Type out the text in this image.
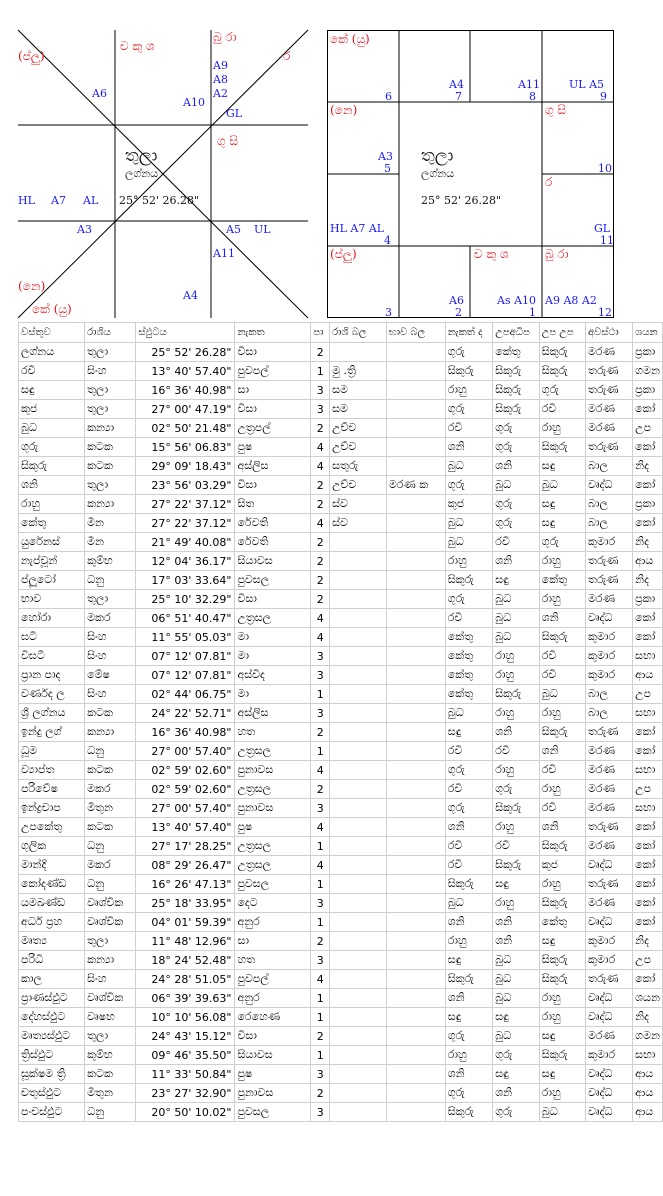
(ප්ලු)
ච කු ශ
බු රා
ර
A6
A10
A9
A8
A2
GL
ගු සි
HL A7 AL
A3	A5 UL
A11
(නෙ)
කේ (යු)
A4
තුලා
ලග්නය
25° 52' 26.28"
කේ (යු)
6
A4
7
A11
8
UL A5
9
(නෙ)
A3
5
ගු සි
10
ර
HL A7 AL
4
GL
11
(ප්ලු)
3
A6
2
ච කු ශ
As A10
1
බු රා
A9 A8 A2
12
තුලා
ලග්නය
25° 52' 26.28"
වස්තුව	රාශිය	ස්ඵුටය	නැකත	පා	රාශි බල	භාව බල	නැකත් ද	උපඅධිප	උප උප	අවස්ථා	ශයන
ලග්නය	තුලා	25° 52' 26.28"	විසා	2			ගුරු	කේතු	සිකුරු	මරණ	ප්‍රකා
රවි	සිංහ	13° 40' 57.40"	පුවපල්	1	මු .ත්‍රි		සිකුරු	සිකුරු	සිකුරු	තරුණ	ගමන
සඳු	තුලා	16° 36' 40.98"	සා	3	සම		රාහු	සිකුරු	ගුරු	තරුණ	ප්‍රකා
කුජ	තුලා	27° 00' 47.19"	විසා	3	සම		ගුරු	සිකුරු	රවි	මරණ	කෝ
බුධ	කන්‍යා	02° 50' 21.48"	උත්‍රපල්	2	උච්ච		රවි	ගුරු	රාහු	මරණ	උප
ගුරු	කටක	15° 56' 06.83"	පුෂ	4	උච්ච		ශනි	ගුරු	සිකුරු	තරුණ	කෝ
සිකුරු	කටක	29° 09' 18.43"	අස්ලිස	4	සතුරු		බුධ	ශනි	සඳු	බාල	නිද
ශනි	තුලා	23° 56' 03.29"	විසා	2	උච්ච	මරණ ක	ගුරු	බුධ	බුධ	වෘද්ධ	කෝ
රාහු	කන්‍යා	27° 22' 37.12"	සිත	2	ස්ව		කුජ	ගුරු	සඳු	බාල	ප්‍රකා
කේතු	මීන	27° 22' 37.12"	රේවති	4	ස්ව		බුධ	ගුරු	සඳු	බාල	කෝ
යුරේනස්	මීන	21° 49' 40.08"	රේවති	2			බුධ	රවි	ගුරු	කුමාර	නිද
නැප්චූන්	කුම්භ	12° 04' 36.17"	සියාවස	2			රාහු	ශනි	රාහු	තරුණ	ආය
ප්ලූටෝ	ධනු	17° 03' 33.64"	පුවසල	2			සිකුරු	සඳු	කේතු	තරුණ	නිද
භාව	තුලා	25° 10' 32.29"	විසා	2			ගුරු	බුධ	රාහු	මරණ	ප්‍රකා
හෝරා	මකර	06° 51' 40.47"	උත්‍රසල	4			රවි	බුධ	ශනි	වෘද්ධ	කෝ
ඝටි	සිංහ	11° 55' 05.03"	මා	4			කේතු	බුධ	සිකුරු	කුමාර	කෝ
විඝටි	සිංහ	07° 12' 07.81"	මා	3			කේතු	රාහු	රවි	කුමාර	සභා
ප්‍රාන පාද	මේෂ	07° 12' 07.81"	අස්විද	3			කේතු	රාහු	රවි	කුමාර	ආය
වර්ණද ල	සිංහ	02° 44' 06.75"	මා	1			කේතු	සිකුරු	බුධ	බාල	උප
ශ්‍රී ලග්නය	කටක	24° 22' 52.71"	අස්ලිස	3			බුධ	රාහු	රාහු	බාල	සභා
ඉන්දු ලග්	කන්‍යා	16° 36' 40.98"	හත	2			සඳු	ශනි	සිකුරු	තරුණ	කෝ
ධූම	ධනු	27° 00' 57.40"	උත්‍රසල	1			රවි	රවි	ශනි	මරණ	කෝ
ව්‍යාප්ත	කටක	02° 59' 02.60"	පුනාවස	4			ගුරු	රාහු	රවි	මරණ	සභා
පරිවේෂ	මකර	02° 59' 02.60"	උත්‍රසල	2			රවි	ගුරු	රාහු	මරණ	උප
ඉන්ද්‍රචාප	මිතුන	27° 00' 57.40"	පුනාවස	3			ගුරු	සිකුරු	රවි	මරණ	සභා
උපකේතු	කටක	13° 40' 57.40"	පුෂ	4			ශනි	රාහු	ශනි	තරුණ	කෝ
ගුලික	ධනු	27° 17' 28.25"	උත්‍රසල	1			රවි	රවි	සිකුරු	මරණ	කෝ
මාන්දි	මකර	08° 29' 26.47"	උත්‍රසල	4			රවි	සිකුරු	කුජ	වෘද්ධ	කෝ
කෝදණ්ඩ	ධනු	16° 26' 47.13"	පුවසල	1			සිකුරු	සඳු	රාහු	තරුණ	කෝ
යමඛණ්ඩ	වෘශ්චික	25° 18' 33.95"	දෙට	3			බුධ	රාහු	සිකුරු	මරණ	කෝ
අර්ධ ප්‍රහ	වෘශ්චික	04° 01' 59.39"	අනුර	1			ශනි	ශනි	කේතු	වෘද්ධ	කෝ
මෘත්‍ය	තුලා	11° 48' 12.96"	සා	2			රාහු	ශනි	සඳු	කුමාර	නිද
පරිධි	කන්‍යා	18° 24' 52.48"	හත	3			සඳු	බුධ	සිකුරු	කුමාර	උප
කාල	සිංහ	24° 28' 51.05"	පුවපල්	4			සිකුරු	බුධ	සිකුරු	තරුණ	කෝ
ප්‍රාණස්ඵුට	වෘශ්චික	06° 39' 39.63"	අනුර	1			ශනි	බුධ	රාහු	වෘද්ධ	ශයන
දේහස්ඵුට	වෘෂභ	10° 10' 56.08"	රෙහෙණ	1			සඳු	සඳු	රාහු	වෘද්ධ	නිද
මෘත්‍යස්ඵුට	තුලා	24° 43' 15.12"	විසා	2			ගුරු	බුධ	සඳු	මරණ	ගමන
ත්‍රිස්ඵුට	කුම්භ	09° 46' 35.50"	සියාවස	1			රාහු	ගුරු	සිකුරු	කුමාර	සභා
සූක්ෂම ත්‍රි	කටක	11° 33' 50.84"	පුෂ	3			ශනි	සඳු	සඳු	වෘද්ධ	ආය
චතුස්ඵුට	මිතුන	23° 27' 32.90"	පුනාවස	2			ගුරු	ශනි	රාහු	වෘද්ධ	ආය
පංචස්ඵුට	ධනු	20° 50' 10.02"	පුවසල	3			සිකුරු	ගුරු	බුධ	වෘද්ධ	ආය
